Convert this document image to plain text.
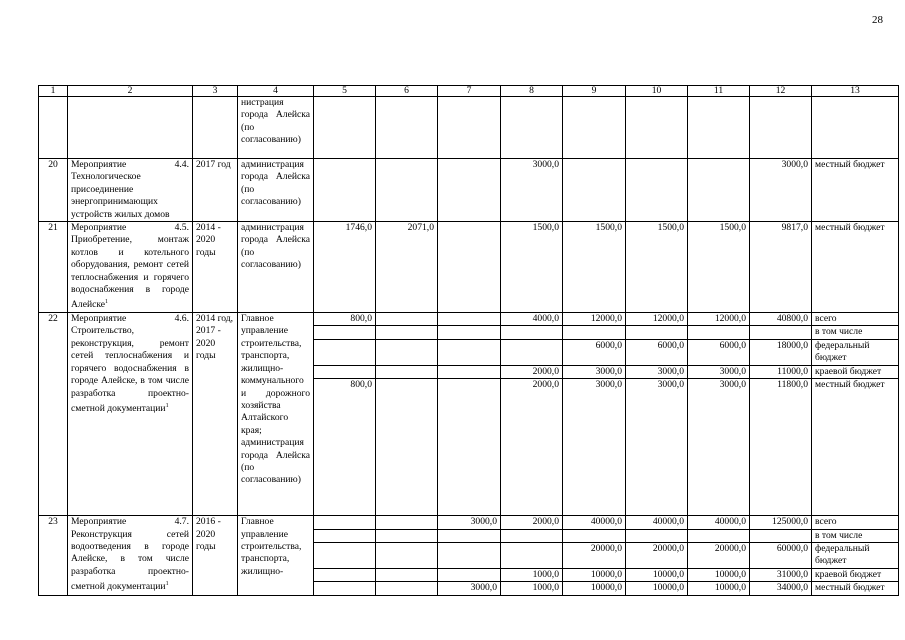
28
1	2	3	4	5	6	7	8	9	10	11	12	13
			нистрация города Алейска (по согласованию)									
20	Мероприятие 4.4. Технологическое присоединение энергопринимающих устройств жилых домов	2017 год	администрация города Алейска (по согласованию)				3000,0				3000,0	местный бюджет
21	Мероприятие 4.5. Приобретение, монтаж котлов и котельного оборудования, ремонт сетей теплоснабжения и горячего водоснабжения в городе Алейске$^1$	2014 - 2020 годы	администрация города Алейска (по согласованию)	1746,0	2071,0		1500,0	1500,0	1500,0	1500,0	9817,0	местный бюджет
22	Мероприятие 4.6. Строительство, реконструкция, ремонт сетей теплоснабжения и горячего водоснабжения в городе Алейске, в том числе разработка проектно-сметной документации$^1$	2014 год, 2017 - 2020 годы	Главное управление строительства, транспорта, жилищно-коммунального и дорожного хозяйства Алтайского края; администрация города Алейска (по согласованию)	800,0			4000,0	12000,0	12000,0	12000,0	40800,0	всего
												в том числе
								6000,0	6000,0	6000,0	18000,0	федеральный бюджет
							2000,0	3000,0	3000,0	3000,0	11000,0	краевой бюджет
				800,0			2000,0	3000,0	3000,0	3000,0	11800,0	местный бюджет
23	Мероприятие 4.7. Реконструкция сетей водоотведения в городе Алейске, в том числе разработка проектно-сметной документации$^1$	2016 - 2020 годы	Главное управление строительства, транспорта, жилищно-			3000,0	2000,0	40000,0	40000,0	40000,0	125000,0	всего
												в том числе
								20000,0	20000,0	20000,0	60000,0	федеральный бюджет
							1000,0	10000,0	10000,0	10000,0	31000,0	краевой бюджет
						3000,0	1000,0	10000,0	10000,0	10000,0	34000,0	местный бюджет
